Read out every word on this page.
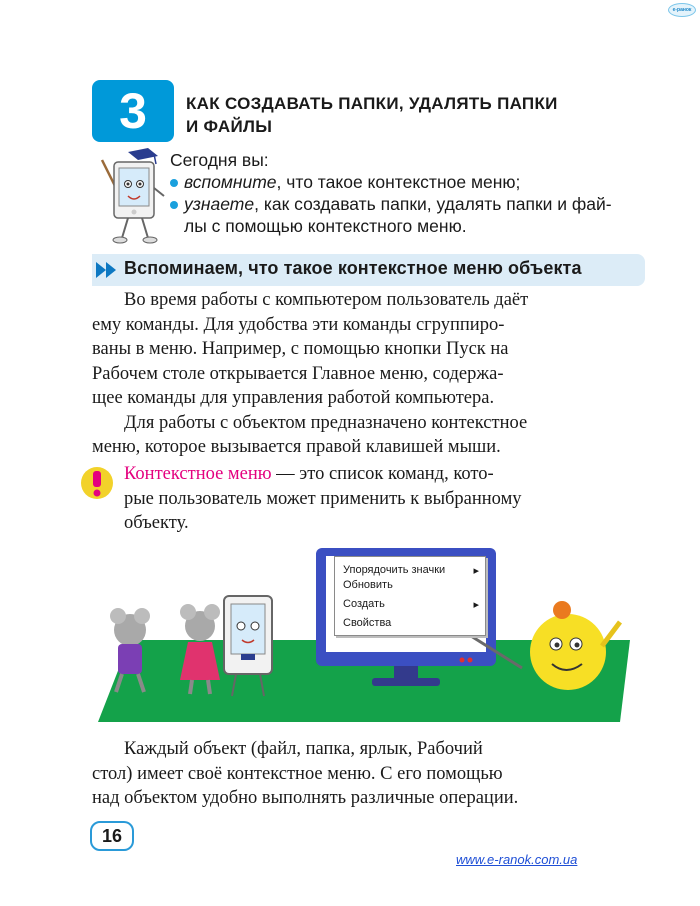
e-ранок
3	КАК СОЗДАВАТЬ ПАПКИ, УДАЛЯТЬ ПАПКИ
И ФАЙЛЫ
Сегодня вы:
вспомните, что такое контекстное меню;
узнаете, как создавать папки, удалять папки и фай-
лы с помощью контекстного меню.
Вспоминаем, что такое контекстное меню объекта
Во время работы с компьютером пользователь даёт
ему команды. Для удобства эти команды сгруппиро-
ваны в меню. Например, с помощью кнопки Пуск на
Рабочем столе открывается Главное меню, содержа-
щее команды для управления работой компьютера.
Для работы с объектом предназначено контекстное
меню, которое вызывается правой клавишей мыши.
Контекстное меню — это список команд, кото-
рые пользователь может применить к выбранному
объекту.
Упорядочить значки	▸
Обновить
Создать	▸
Свойства
Каждый объект (файл, папка, ярлык, Рабочий
стол) имеет своё контекстное меню. С его помощью
над объектом удобно выполнять различные операции.
16
www.e-ranok.com.ua
